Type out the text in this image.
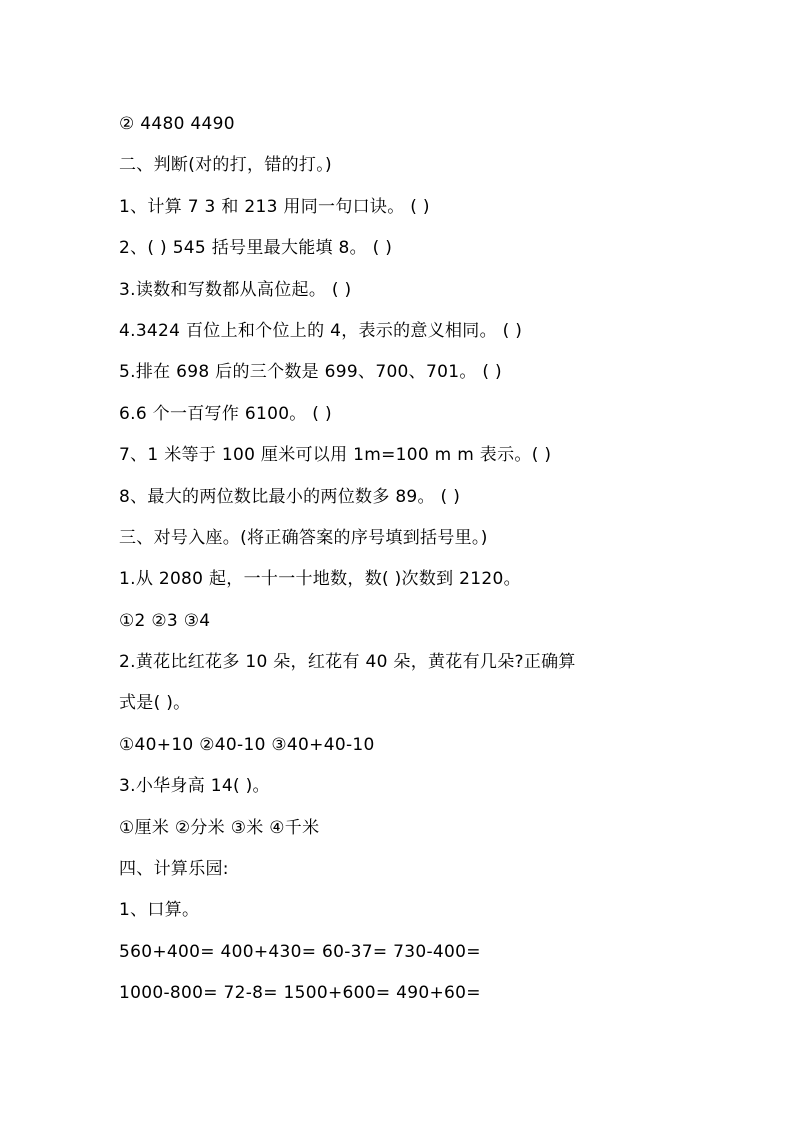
② 4480 4490
二、判断(对的打，错的打。)
1、计算 7 3 和 213 用同一句口诀。 ( )
2、( ) 545 括号里最大能填 8。 ( )
3.读数和写数都从高位起。 ( )
4.3424 百位上和个位上的 4，表示的意义相同。 ( )
5.排在 698 后的三个数是 699、700、701。 ( )
6.6 个一百写作 6100。 ( )
7、1 米等于 100 厘米可以用 1m=100 m m 表示。( )
8、最大的两位数比最小的两位数多 89。 ( )
三、对号入座。(将正确答案的序号填到括号里。)
1.从 2080 起，一十一十地数，数( )次数到 2120。
①2 ②3 ③4
2.黄花比红花多 10 朵，红花有 40 朵，黄花有几朵?正确算
式是( )。
①40+10 ②40-10 ③40+40-10
3.小华身高 14( )。
①厘米 ②分米 ③米 ④千米
四、计算乐园:
1、口算。
560+400= 400+430= 60-37= 730-400=
1000-800= 72-8= 1500+600= 490+60=
